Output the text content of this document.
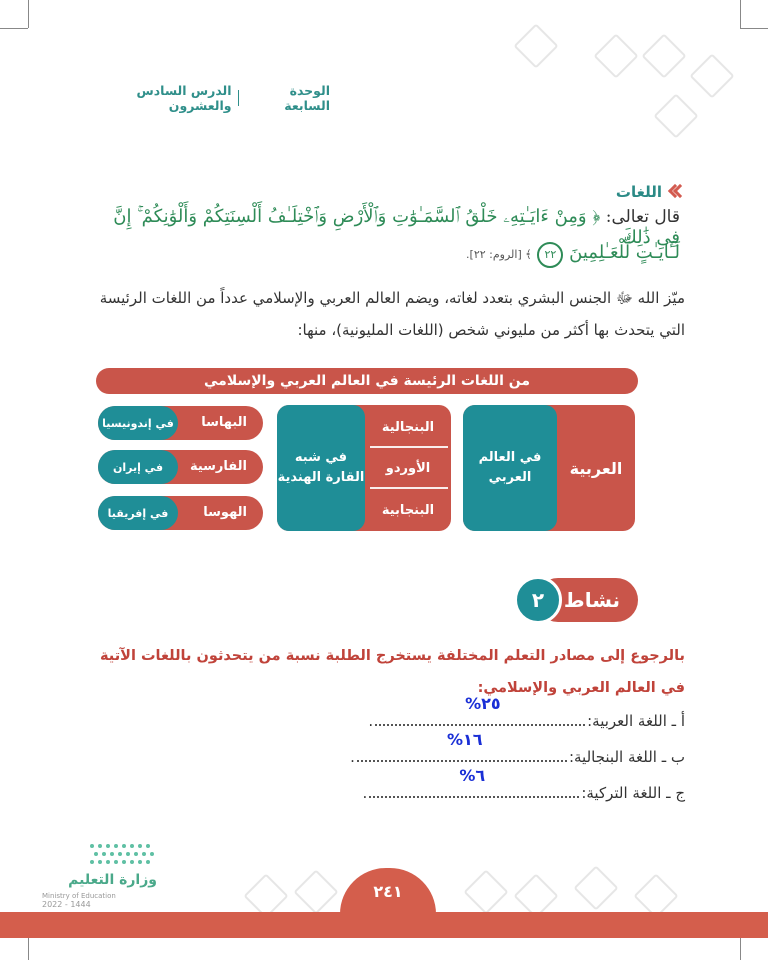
الوحدة السابعة
الدرس السادس والعشرون
اللغات
قال تعالى: ﴿ وَمِنْ ءَايَـٰتِهِۦ خَلْقُ ٱلسَّمَـٰوَٰتِ وَٱلْأَرْضِ وَٱخْتِلَـٰفُ أَلْسِنَتِكُمْ وَأَلْوَٰنِكُمْ ۚ إِنَّ فِى ذَٰلِكَ
لَـَٔايَـٰتٍ لِّلْعَـٰلِمِينَ ٢٢ ﴾ [الروم: ٢٢].
ميّز الله ﷻ الجنس البشري بتعدد لغاته، ويضم العالم العربي والإسلامي عدداً من اللغات الرئيسة التي يتحدث بها أكثر من مليوني شخص (اللغات المليونية)، منها:
من اللغات الرئيسة في العالم العربي والإسلامي
العربية
في العالم العربي
البنجالية
الأوردو
البنجابية
في شبه القارة الهندية
البهاسا
في إندونيسيا
الفارسية
في إيران
الهوسا
في إفريقيا
نشاط
٢
بالرجوع إلى مصادر التعلم المختلفة يستخرج الطلبة نسبة من يتحدثون باللغات الآتية في العالم العربي والإسلامي:
أ ـ اللغة العربية:
٢٥%
.
ب ـ اللغة البنجالية:
١٦%
.
ج ـ اللغة التركية:
٦%
.
وزارة التعليم
Ministry of Education
2022 - 1444
٢٤١
